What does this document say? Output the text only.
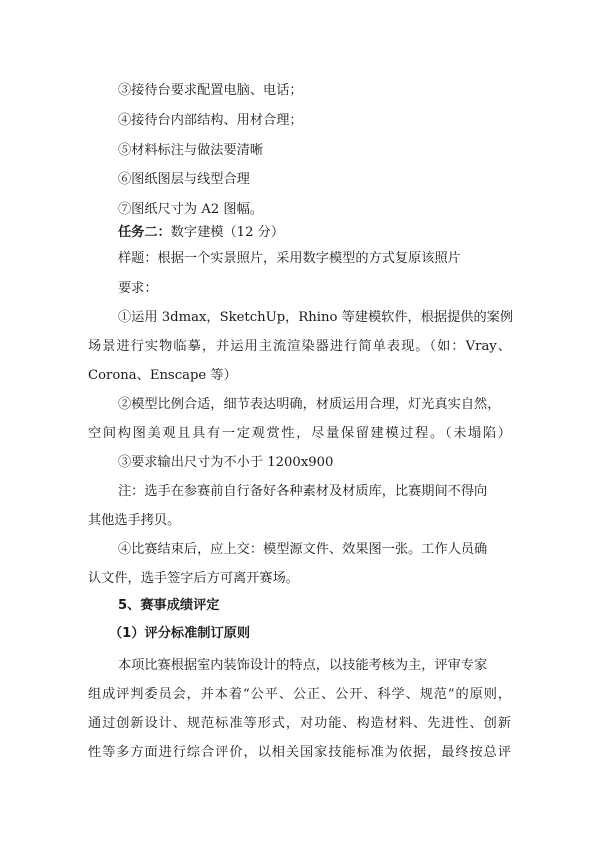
③接待台要求配置电脑、电话；
④接待台内部结构、用材合理；
⑤材料标注与做法要清晰
⑥图纸图层与线型合理
⑦图纸尺寸为 A2 图幅。
任务二：数字建模（12 分）
样题：根据一个实景照片，采用数字模型的方式复原该照片
要求：
①运用 3dmax，SketchUp，Rhino 等建模软件，根据提供的案例
场景进行实物临摹，并运用主流渲染器进行简单表现。（如：Vray、
Corona、Enscape 等）
②模型比例合适，细节表达明确，材质运用合理，灯光真实自然，
空间构图美观且具有一定观赏性，尽量保留建模过程。（未塌陷）
③要求输出尺寸为不小于 1200x900
注：选手在参赛前自行备好各种素材及材质库，比赛期间不得向
其他选手拷贝。
④比赛结束后，应上交：模型源文件、效果图一张。工作人员确
认文件，选手签字后方可离开赛场。
5、赛事成绩评定
（1）评分标准制订原则
本项比赛根据室内装饰设计的特点，以技能考核为主，评审专家
组成评判委员会，并本着“公平、公正、公开、科学、规范”的原则，
通过创新设计、规范标准等形式，对功能、构造材料、先进性、创新
性等多方面进行综合评价，以相关国家技能标准为依据，最终按总评
